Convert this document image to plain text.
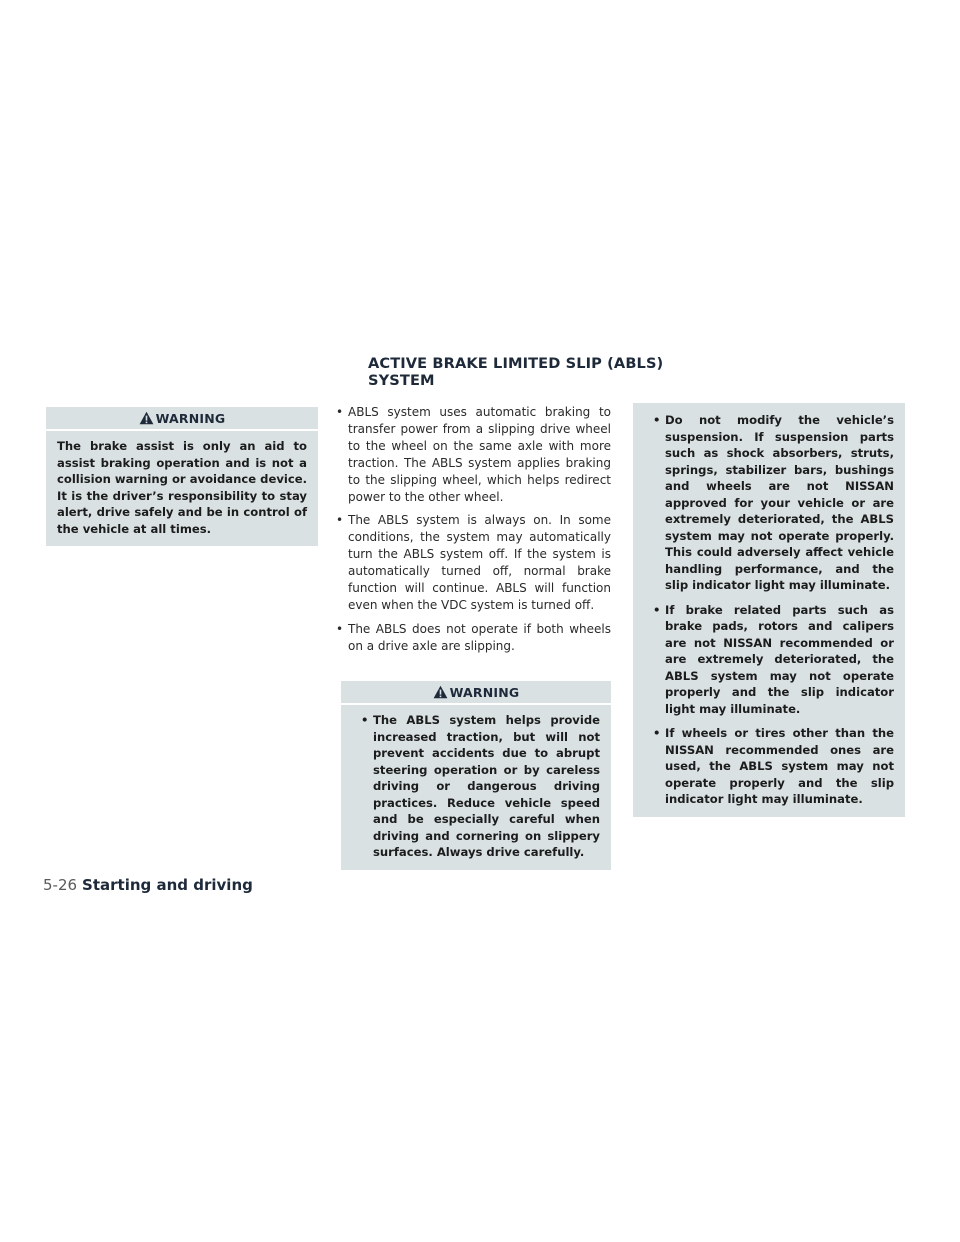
ACTIVE BRAKE LIMITED SLIP (ABLS)
SYSTEM
WARNING
The brake assist is only an aid to assist braking operation and is not a collision warning or avoidance device. It is the driver’s responsibility to stay alert, drive safely and be in control of the vehicle at all times.
• ABLS system uses automatic braking to transfer power from a slipping drive wheel to the wheel on the same axle with more traction. The ABLS system applies braking to the slipping wheel, which helps redirect power to the other wheel.
• The ABLS system is always on. In some conditions, the system may automatically turn the ABLS system off. If the system is automatically turned off, normal brake function will continue. ABLS will function even when the VDC system is turned off.
• The ABLS does not operate if both wheels on a drive axle are slipping.
WARNING
• The ABLS system helps provide increased traction, but will not prevent accidents due to abrupt steering operation or by careless driving or dangerous driving practices. Reduce vehicle speed and be especially careful when driving and cornering on slippery surfaces. Always drive carefully.
• Do not modify the vehicle’s suspension. If suspension parts such as shock absorbers, struts, springs, stabilizer bars, bushings and wheels are not NISSAN approved for your vehicle or are extremely deteriorated, the ABLS system may not operate properly. This could adversely affect vehicle handling performance, and the slip indicator light may illuminate.
• If brake related parts such as brake pads, rotors and calipers are not NISSAN recommended or are extremely deteriorated, the ABLS system may not operate properly and the slip indicator light may illuminate.
• If wheels or tires other than the NISSAN recommended ones are used, the ABLS system may not operate properly and the slip indicator light may illuminate.
5-26 Starting and driving
